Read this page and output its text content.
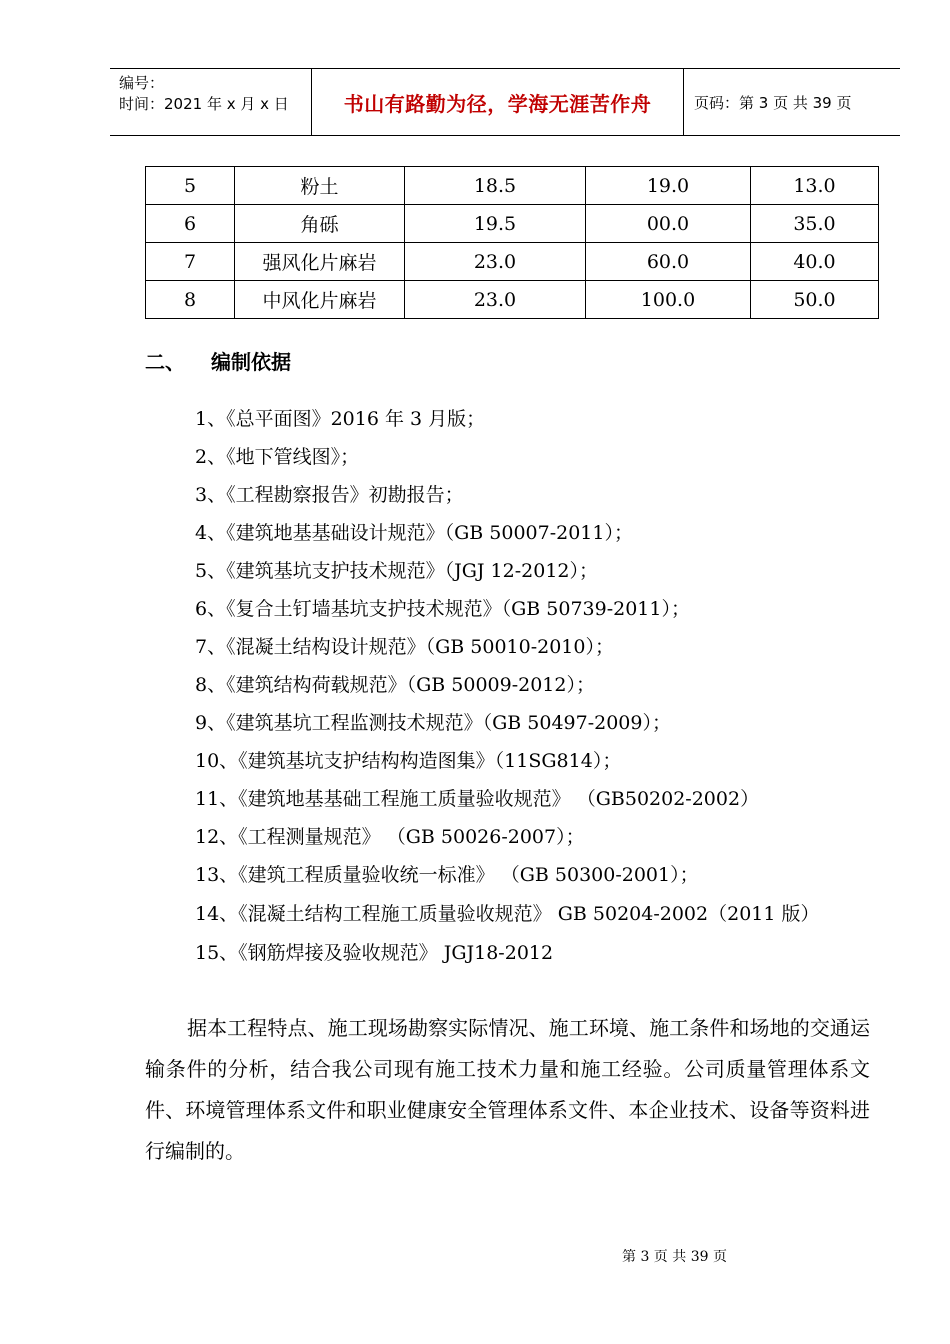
编号：
时间：2021 年 x 月 x 日	书山有路勤为径，学海无涯苦作舟	页码：第 3 页 共 39 页
5	粉土	18.5	19.0	13.0
6	角砾	19.5	00.0	35.0
7	强风化片麻岩	23.0	60.0	40.0
8	中风化片麻岩	23.0	100.0	50.0
二、 编制依据
1、《总平面图》2016 年 3 月版；
2、《地下管线图》；
3、《工程勘察报告》初勘报告；
4、《建筑地基基础设计规范》（GB 50007-2011）；
5、《建筑基坑支护技术规范》（JGJ 12-2012）；
6、《复合土钉墙基坑支护技术规范》（GB 50739-2011）；
7、《混凝土结构设计规范》（GB 50010-2010）；
8、《建筑结构荷载规范》（GB 50009-2012）；
9、《建筑基坑工程监测技术规范》（GB 50497-2009）；
10、《建筑基坑支护结构构造图集》（11SG814）；
11、《建筑地基基础工程施工质量验收规范》 （GB50202-2002）
12、《工程测量规范》 （GB 50026-2007）；
13、《建筑工程质量验收统一标准》 （GB 50300-2001）；
14、《混凝土结构工程施工质量验收规范》 GB 50204-2002（2011 版）
15、《钢筋焊接及验收规范》 JGJ18-2012

据本工程特点、施工现场勘察实际情况、施工环境、施工条件和场地的交通运输条件的分析，结合我公司现有施工技术力量和施工经验。公司质量管理体系文件、环境管理体系文件和职业健康安全管理体系文件、本企业技术、设备等资料进行编制的。

第 3 页 共 39 页
